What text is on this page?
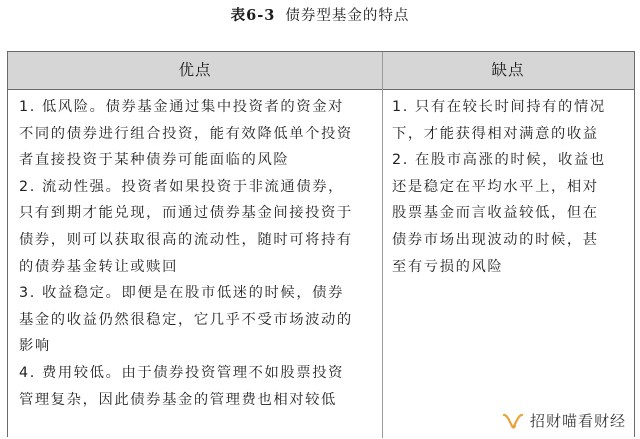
表6-3 债券型基金的特点
优点	缺点
1. 低风险。债券基金通过集中投资者的资金对
不同的债券进行组合投资，能有效降低单个投资
者直接投资于某种债券可能面临的风险
2. 流动性强。投资者如果投资于非流通债券，
只有到期才能兑现，而通过债券基金间接投资于
债券，则可以获取很高的流动性，随时可将持有
的债券基金转让或赎回
3. 收益稳定。即便是在股市低迷的时候，债券
基金的收益仍然很稳定，它几乎不受市场波动的
影响
4. 费用较低。由于债券投资管理不如股票投资
管理复杂，因此债券基金的管理费也相对较低
1. 只有在较长时间持有的情况
下，才能获得相对满意的收益
2. 在股市高涨的时候，收益也
还是稳定在平均水平上，相对
股票基金而言收益较低，但在
债券市场出现波动的时候，甚
至有亏损的风险
招财喵看财经
